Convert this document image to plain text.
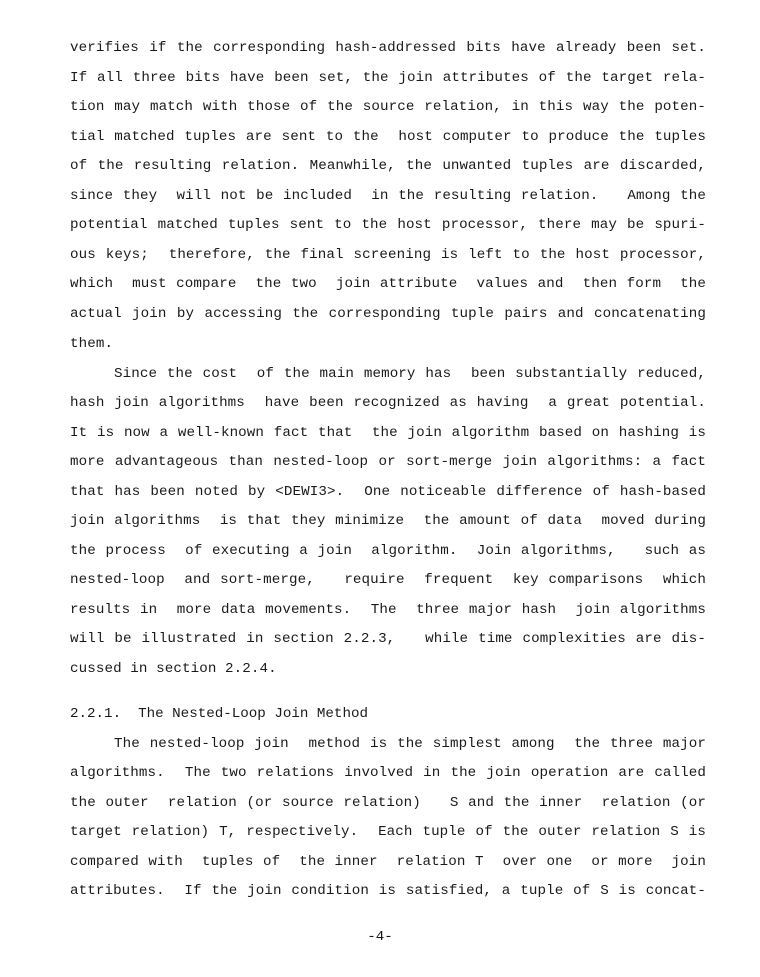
verifies if the corresponding hash-addressed bits have already been set.
If all three bits have been set, the join attributes of the target rela-
tion may match with those of the source relation, in this way the poten-
tial matched tuples are sent to the  host computer to produce the tuples
of the resulting relation. Meanwhile, the unwanted tuples are discarded,
since they  will not be included  in the resulting relation.   Among the
potential matched tuples sent to the host processor, there may be spuri-
ous keys;  therefore, the final screening is left to the host processor,
which  must compare  the two  join attribute  values and  then form  the
actual join by accessing the corresponding tuple pairs and concatenating
them.
Since the cost  of the main memory has  been substantially reduced,
hash join algorithms  have been recognized as having  a great potential.
It is now a well-known fact that  the join algorithm based on hashing is
more advantageous than nested-loop or sort-merge join algorithms: a fact
that has been noted by <DEWI3>.  One noticeable difference of hash-based
join algorithms  is that they minimize  the amount of data  moved during
the process  of executing a join  algorithm.  Join algorithms,   such as
nested-loop  and sort-merge,   require  frequent  key comparisons  which
results in  more data movements.  The  three major hash  join algorithms
will be illustrated in section 2.2.3,   while time complexities are dis-
cussed in section 2.2.4.
2.2.1.  The Nested-Loop Join Method
The nested-loop join  method is the simplest among  the three major
algorithms.  The two relations involved in the join operation are called
the outer  relation (or source relation)   S and the inner  relation (or
target relation) T, respectively.  Each tuple of the outer relation S is
compared with  tuples of  the inner  relation T  over one  or more  join
attributes.  If the join condition is satisfied, a tuple of S is concat-
-4-
